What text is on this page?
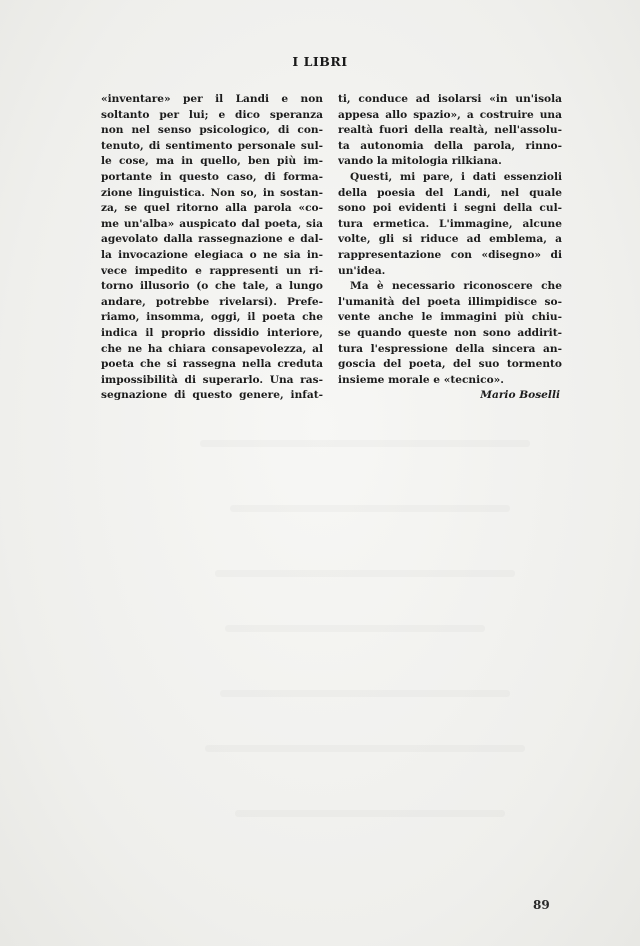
I LIBRI
«inventare» per il Landi e non
soltanto per lui; e dico speranza
non nel senso psicologico, di con-
tenuto, di sentimento personale sul-
le cose, ma in quello, ben più im-
portante in questo caso, di forma-
zione linguistica. Non so, in sostan-
za, se quel ritorno alla parola «co-
me un'alba» auspicato dal poeta, sia
agevolato dalla rassegnazione e dal-
la invocazione elegiaca o ne sia in-
vece impedito e rappresenti un ri-
torno illusorio (o che tale, a lungo
andare, potrebbe rivelarsi). Prefe-
riamo, insomma, oggi, il poeta che
indica il proprio dissidio interiore,
che ne ha chiara consapevolezza, al
poeta che si rassegna nella creduta
impossibilità di superarlo. Una ras-
segnazione di questo genere, infat-
ti, conduce ad isolarsi «in un'isola
appesa allo spazio», a costruire una
realtà fuori della realtà, nell'assolu-
ta autonomia della parola, rinno-
vando la mitologia rilkiana.
Questi, mi pare, i dati essenzioli
della poesia del Landi, nel quale
sono poi evidenti i segni della cul-
tura ermetica. L'immagine, alcune
volte, gli si riduce ad emblema, a
rappresentazione con «disegno» di
un'idea.
Ma è necessario riconoscere che
l'umanità del poeta illimpidisce so-
vente anche le immagini più chiu-
se quando queste non sono addirit-
tura l'espressione della sincera an-
goscia del poeta, del suo tormento
insieme morale e «tecnico».
Mario Boselli
89
